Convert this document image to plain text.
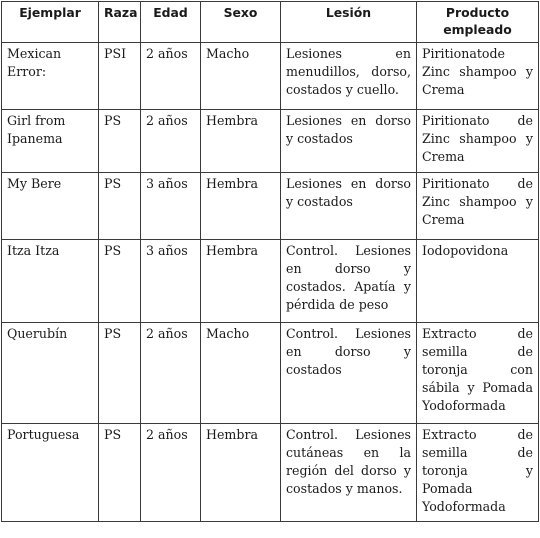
Ejemplar	Raza	Edad	Sexo	Lesión	Producto empleado
Mexican Error:	PSI	2 años	Macho	Lesiones en menudillos, dorso, costados y cuello.	Piritionatode Zinc shampoo y Crema
Girl from Ipanema	PS	2 años	Hembra	Lesiones en dorso y costados	Piritionato de Zinc shampoo y Crema
My Bere	PS	3 años	Hembra	Lesiones en dorso y costados	Piritionato de Zinc shampoo y Crema
Itza Itza	PS	3 años	Hembra	Control. Lesiones en dorso y costados. Apatía y pérdida de peso	Iodopovidona
Querubín	PS	2 años	Macho	Control. Lesiones en dorso y costados	Extracto de semilla de toronja con sábila y Pomada Yodoformada
Portuguesa	PS	2 años	Hembra	Control. Lesiones cutáneas en la región del dorso y costados y manos.	Extracto de semilla de toronja y Pomada Yodoformada
